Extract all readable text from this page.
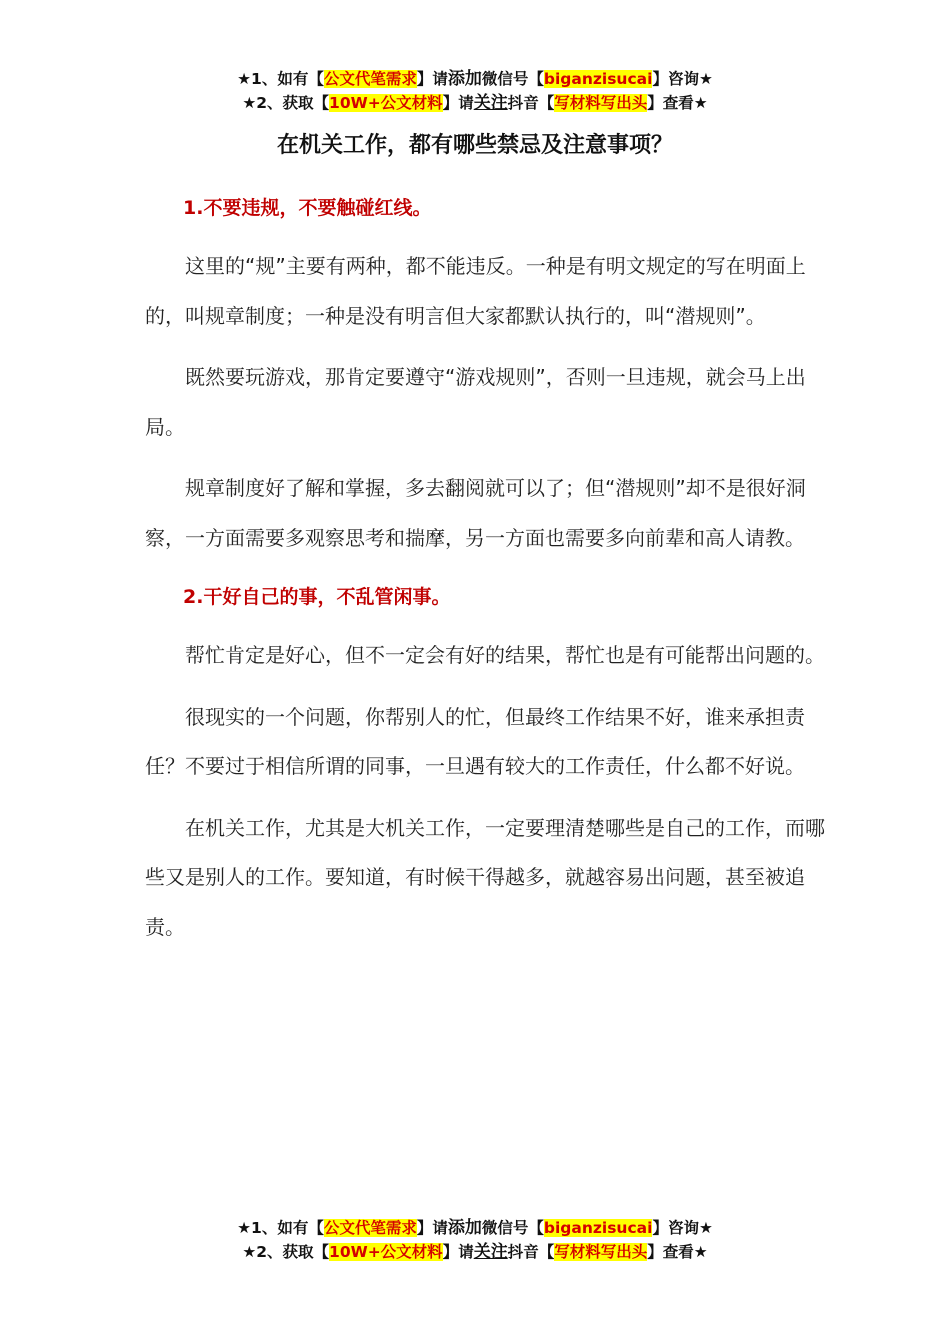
★1、如有【公文代笔需求】请添加微信号【biganzisucai】咨询★
★2、获取【10W+公文材料】请关注抖音【写材料写出头】查看★
在机关工作，都有哪些禁忌及注意事项？
1.不要违规，不要触碰红线。

这里的“规”主要有两种，都不能违反。一种是有明文规定的写在明面上的，叫规章制度；一种是没有明言但大家都默认执行的，叫“潜规则”。

既然要玩游戏，那肯定要遵守“游戏规则”，否则一旦违规，就会马上出局。

规章制度好了解和掌握，多去翻阅就可以了；但“潜规则”却不是很好洞察，一方面需要多观察思考和揣摩，另一方面也需要多向前辈和高人请教。

2.干好自己的事，不乱管闲事。

帮忙肯定是好心，但不一定会有好的结果，帮忙也是有可能帮出问题的。

很现实的一个问题，你帮别人的忙，但最终工作结果不好，谁来承担责任？不要过于相信所谓的同事，一旦遇有较大的工作责任，什么都不好说。

在机关工作，尤其是大机关工作，一定要理清楚哪些是自己的工作，而哪些又是别人的工作。要知道，有时候干得越多，就越容易出问题，甚至被追责。

★1、如有【公文代笔需求】请添加微信号【biganzisucai】咨询★
★2、获取【10W+公文材料】请关注抖音【写材料写出头】查看★
